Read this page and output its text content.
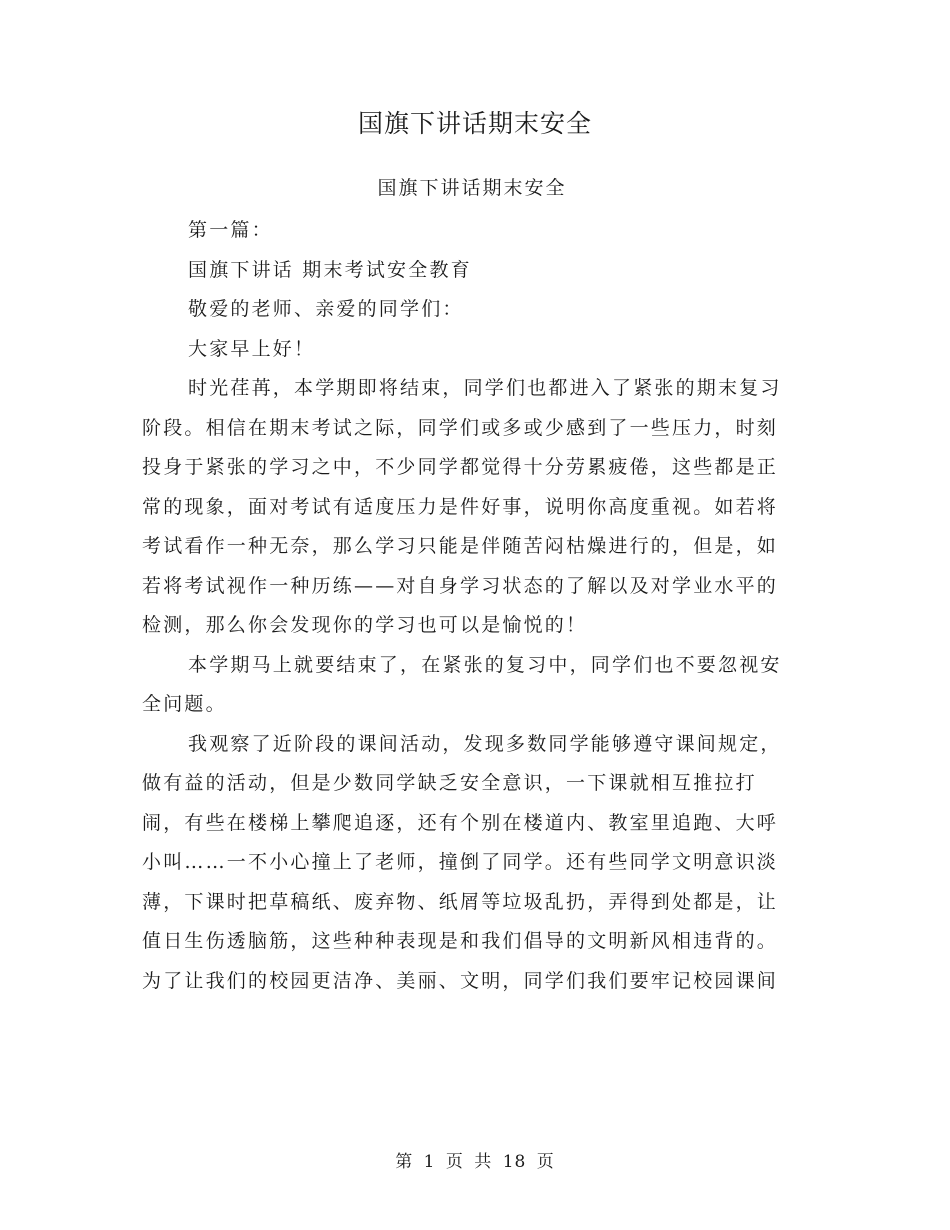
国旗下讲话期末安全
国旗下讲话期末安全

第一篇：

国旗下讲话 期末考试安全教育

敬爱的老师、亲爱的同学们：

大家早上好！

时光荏苒，本学期即将结束，同学们也都进入了紧张的期末复习
阶段。相信在期末考试之际，同学们或多或少感到了一些压力，时刻
投身于紧张的学习之中，不少同学都觉得十分劳累疲倦，这些都是正
常的现象，面对考试有适度压力是件好事，说明你高度重视。如若将
考试看作一种无奈，那么学习只能是伴随苦闷枯燥进行的，但是，如
若将考试视作一种历练——对自身学习状态的了解以及对学业水平的
检测，那么你会发现你的学习也可以是愉悦的！

本学期马上就要结束了，在紧张的复习中，同学们也不要忽视安
全问题。

我观察了近阶段的课间活动，发现多数同学能够遵守课间规定，
做有益的活动，但是少数同学缺乏安全意识，一下课就相互推拉打
闹，有些在楼梯上攀爬追逐，还有个别在楼道内、教室里追跑、大呼
小叫……一不小心撞上了老师，撞倒了同学。还有些同学文明意识淡
薄，下课时把草稿纸、废弃物、纸屑等垃圾乱扔，弄得到处都是，让
值日生伤透脑筋，这些种种表现是和我们倡导的文明新风相违背的。
为了让我们的校园更洁净、美丽、文明，同学们我们要牢记校园课间

第 1 页 共 18 页
